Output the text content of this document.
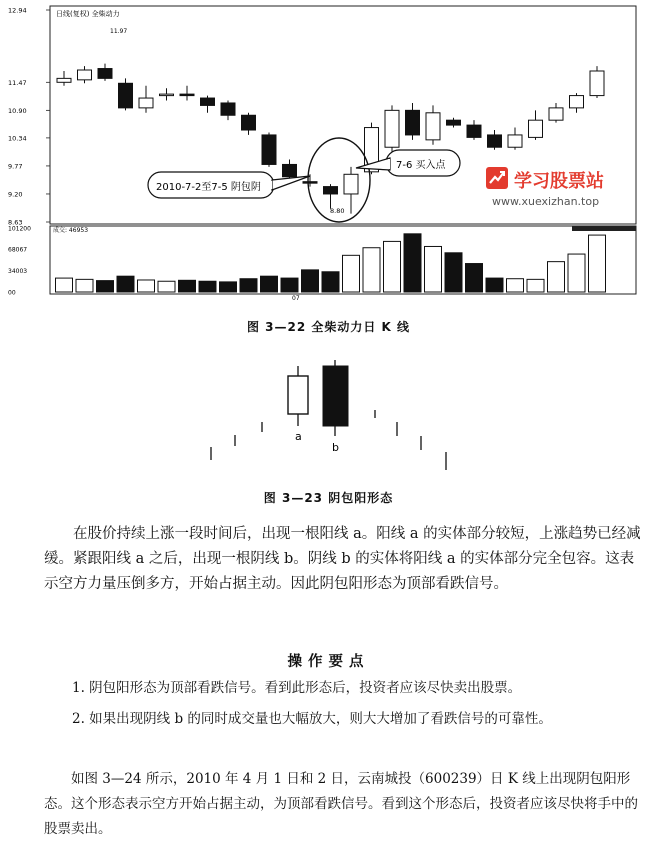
日线(复权) 全柴动力
11.97
成交: 46953
07
12.94
11.47
10.90
10.34
9.77
9.20
8.63
101200
68067
34003
00
8.80
2010-7-2至7-5 阴包阴
7-6 买入点
学习股票站
www.xuexizhan.top
图 3—22 全柴动力日 K 线
a
b
图 3—23 阴包阳形态
在股价持续上涨一段时间后，出现一根阳线 a。阳线 a 的实体部分较短，上涨趋势已经减缓。紧跟阳线 a 之后，出现一根阴线 b。阴线 b 的实体将阳线 a 的实体部分完全包容。这表示空方力量压倒多方，开始占据主动。因此阴包阳形态为顶部看跌信号。
操作要点
1. 阴包阳形态为顶部看跌信号。看到此形态后，投资者应该尽快卖出股票。
2. 如果出现阴线 b 的同时成交量也大幅放大，则大大增加了看跌信号的可靠性。
如图 3—24 所示，2010 年 4 月 1 日和 2 日，云南城投（600239）日 K 线上出现阴包阳形态。这个形态表示空方开始占据主动，为顶部看跌信号。看到这个形态后，投资者应该尽快将手中的股票卖出。
